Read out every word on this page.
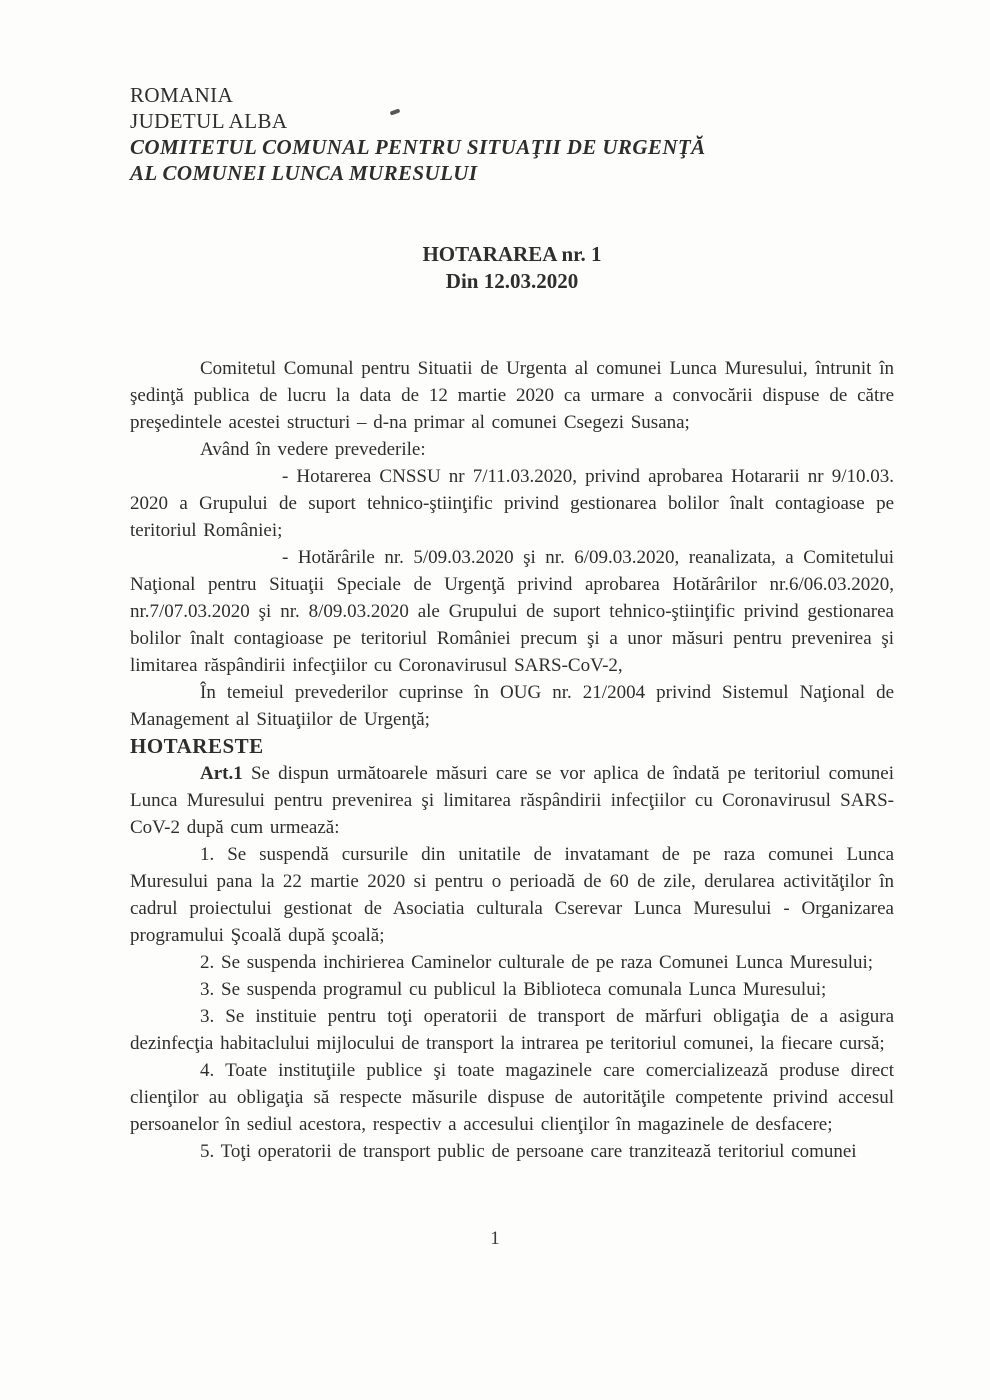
ROMANIA
JUDETUL ALBA
COMITETUL COMUNAL PENTRU SITUAŢII DE URGENŢĂ
AL COMUNEI LUNCA MURESULUI
HOTARAREA nr. 1
Din 12.03.2020

Comitetul Comunal pentru Situatii de Urgenta al comunei Lunca Muresului, întrunit în şedinţă publica de lucru la data de 12 martie 2020 ca urmare a convocării dispuse de către preşedintele acestei structuri – d-na primar al comunei Csegezi Susana;

Având în vedere prevederile:

- Hotarerea CNSSU nr 7/11.03.2020, privind aprobarea Hotararii nr 9/10.03. 2020 a Grupului de suport tehnico-ştiinţific privind gestionarea bolilor înalt contagioase pe teritoriul României;

- Hotărârile nr. 5/09.03.2020 şi nr. 6/09.03.2020, reanalizata, a Comitetului Naţional pentru Situaţii Speciale de Urgenţă privind aprobarea Hotărârilor nr.6/06.03.2020, nr.7/07.03.2020 şi nr. 8/09.03.2020 ale Grupului de suport tehnico-ştiinţific privind gestionarea bolilor înalt contagioase pe teritoriul României precum şi a unor măsuri pentru prevenirea şi limitarea răspândirii infecţiilor cu Coronavirusul SARS-CoV-2,

În temeiul prevederilor cuprinse în OUG nr. 21/2004 privind Sistemul Naţional de Management al Situaţiilor de Urgenţă;

HOTARESTE

Art.1 Se dispun următoarele măsuri care se vor aplica de îndată pe teritoriul comunei Lunca Muresului pentru prevenirea şi limitarea răspândirii infecţiilor cu Coronavirusul SARS-CoV-2 după cum urmează:

1. Se suspendă cursurile din unitatile de invatamant de pe raza comunei Lunca Muresului pana la 22 martie 2020 si pentru o perioadă de 60 de zile, derularea activităţilor în cadrul proiectului gestionat de Asociatia culturala Cserevar Lunca Muresului - Organizarea programului Şcoală după şcoală;

2. Se suspenda inchirierea Caminelor culturale de pe raza Comunei Lunca Muresului;

3. Se suspenda programul cu publicul la Biblioteca comunala Lunca Muresului;

3. Se instituie pentru toţi operatorii de transport de mărfuri obligaţia de a asigura dezinfecţia habitaclului mijlocului de transport la intrarea pe teritoriul comunei, la fiecare cursă;

4. Toate instituţiile publice şi toate magazinele care comercializează produse direct clienţilor au obligaţia să respecte măsurile dispuse de autorităţile competente privind accesul persoanelor în sediul acestora, respectiv a accesului clienţilor în magazinele de desfacere;

5. Toţi operatorii de transport public de persoane care tranzitează teritoriul comunei

1
